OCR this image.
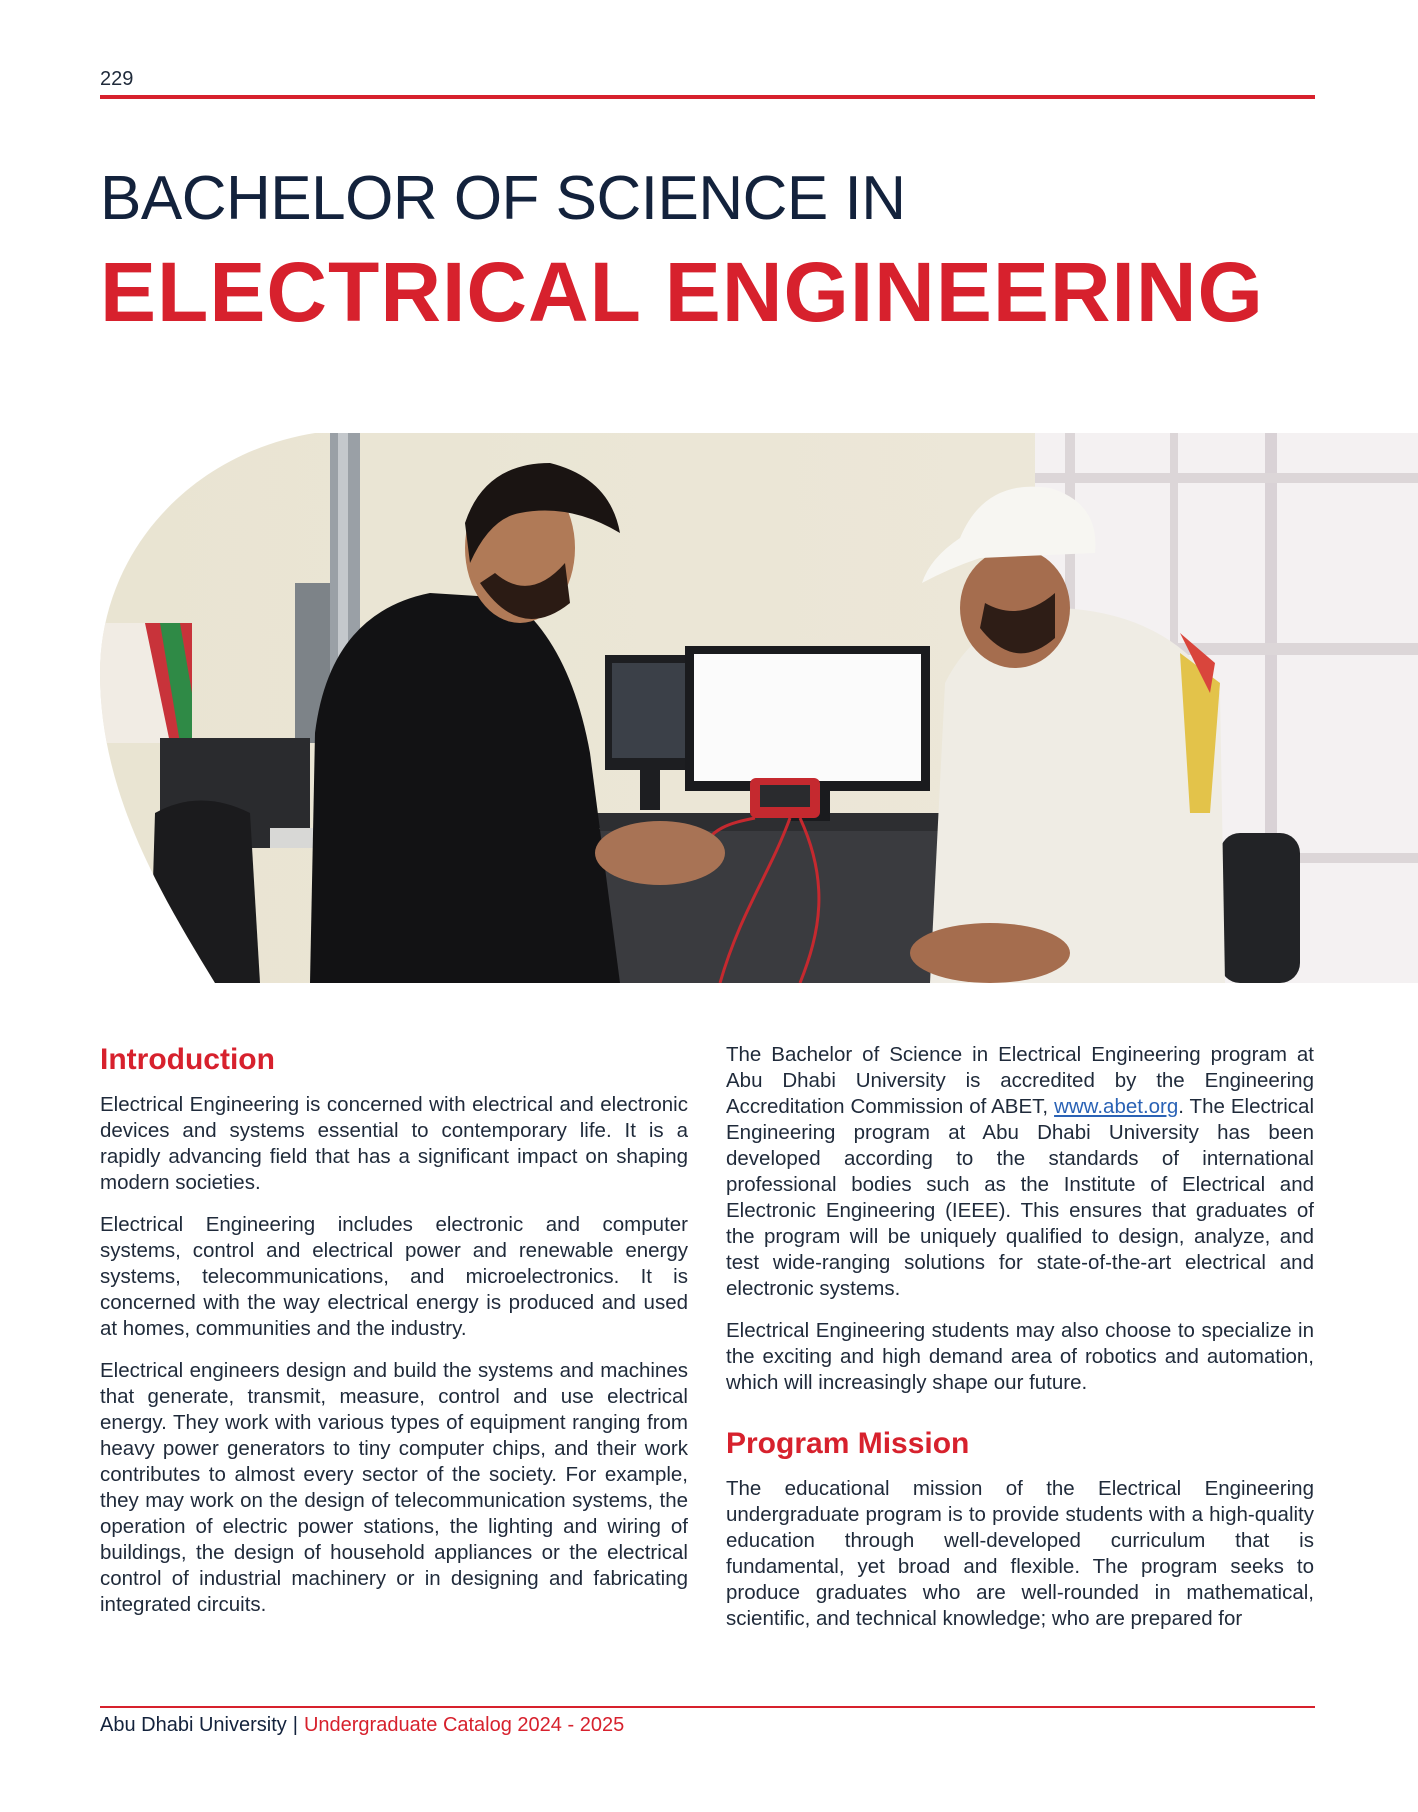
229
BACHELOR OF SCIENCE IN
ELECTRICAL ENGINEERING
Introduction

Electrical Engineering is concerned with electrical and electronic devices and systems essential to contemporary life. It is a rapidly advancing field that has a significant impact on shaping modern societies.

Electrical Engineering includes electronic and computer systems, control and electrical power and renewable energy systems, telecommunications, and microelectronics. It is concerned with the way electrical energy is produced and used at homes, communities and the industry.

Electrical engineers design and build the systems and machines that generate, transmit, measure, control and use electrical energy. They work with various types of equipment ranging from heavy power generators to tiny computer chips, and their work contributes to almost every sector of the society. For example, they may work on the design of telecommunication systems, the operation of electric power stations, the lighting and wiring of buildings, the design of household appliances or the electrical control of industrial machinery or in designing and fabricating integrated circuits.

The Bachelor of Science in Electrical Engineering program at Abu Dhabi University is accredited by the Engineering Accreditation Commission of ABET, www.abet.org. The Electrical Engineering program at Abu Dhabi University has been developed according to the standards of international professional bodies such as the Institute of Electrical and Electronic Engineering (IEEE). This ensures that graduates of the program will be uniquely qualified to design, analyze, and test wide-ranging solutions for state-of-the-art electrical and electronic systems.

Electrical Engineering students may also choose to specialize in the exciting and high demand area of robotics and automation, which will increasingly shape our future.

Program Mission

The educational mission of the Electrical Engineering undergraduate program is to provide students with a high-quality education through well-developed curriculum that is fundamental, yet broad and flexible. The program seeks to produce graduates who are well-rounded in mathematical, scientific, and technical knowledge; who are prepared for

Abu Dhabi University | Undergraduate Catalog 2024 - 2025
